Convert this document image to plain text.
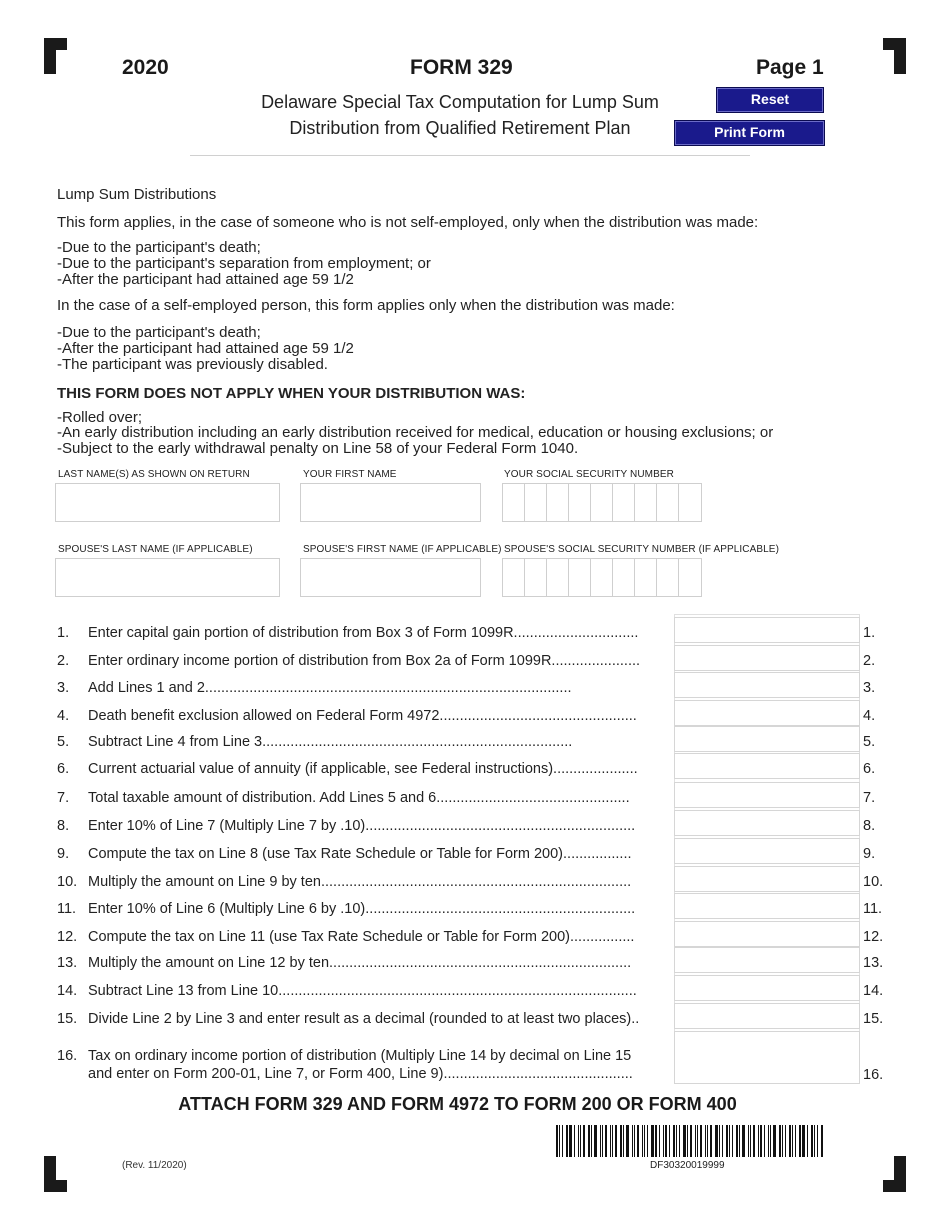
2020	FORM 329	Page 1
Delaware Special Tax Computation for Lump Sum
Distribution from Qualified Retirement Plan
Reset
Print Form
Lump Sum Distributions
This form applies, in the case of someone who is not self-employed, only when the distribution was made:
-Due to the participant's death;
-Due to the participant's separation from employment; or
-After the participant had attained age 59 1/2
In the case of a self-employed person, this form applies only when the distribution was made:
-Due to the participant's death;
-After the participant had attained age 59 1/2
-The participant was previously disabled.
THIS FORM DOES NOT APPLY WHEN YOUR DISTRIBUTION WAS:
-Rolled over;
-An early distribution including an early distribution received for medical, education or housing exclusions; or
-Subject to the early withdrawal penalty on Line 58 of your Federal Form 1040.
LAST NAME(S) AS SHOWN ON RETURN	YOUR FIRST NAME	YOUR SOCIAL SECURITY NUMBER
SPOUSE'S LAST NAME (IF APPLICABLE)	SPOUSE'S FIRST NAME (IF APPLICABLE) SPOUSE'S SOCIAL SECURITY NUMBER (IF APPLICABLE)
1. Enter capital gain portion of distribution from Box 3 of Form 1099R...............................	1.
2. Enter ordinary income portion of distribution from Box 2a of Form 1099R......................	2.
3. Add Lines 1 and 2...........................................................................................	3.
4. Death benefit exclusion allowed on Federal Form 4972.................................................	4.
5. Subtract Line 4 from Line 3.............................................................................	5.
6. Current actuarial value of annuity (if applicable, see Federal instructions).....................	6.
7. Total taxable amount of distribution. Add Lines 5 and 6................................................	7.
8. Enter 10% of Line 7 (Multiply Line 7 by .10)...................................................................	8.
9. Compute the tax on Line 8 (use Tax Rate Schedule or Table for Form 200).................	9.
10. Multiply the amount on Line 9 by ten.............................................................................	10.
11. Enter 10% of Line 6 (Multiply Line 6 by .10)...................................................................	11.
12. Compute the tax on Line 11 (use Tax Rate Schedule or Table for Form 200)................	12.
13. Multiply the amount on Line 12 by ten...........................................................................	13.
14. Subtract Line 13 from Line 10.........................................................................................	14.
15. Divide Line 2 by Line 3 and enter result as a decimal (rounded to at least two places)..	15.
16. Tax on ordinary income portion of distribution (Multiply Line 14 by decimal on Line 15
and enter on Form 200-01, Line 7, or Form 400, Line 9)...............................................	16.
ATTACH FORM 329 AND FORM 4972 TO FORM 200 OR FORM 400
(Rev. 11/2020)	DF30320019999
